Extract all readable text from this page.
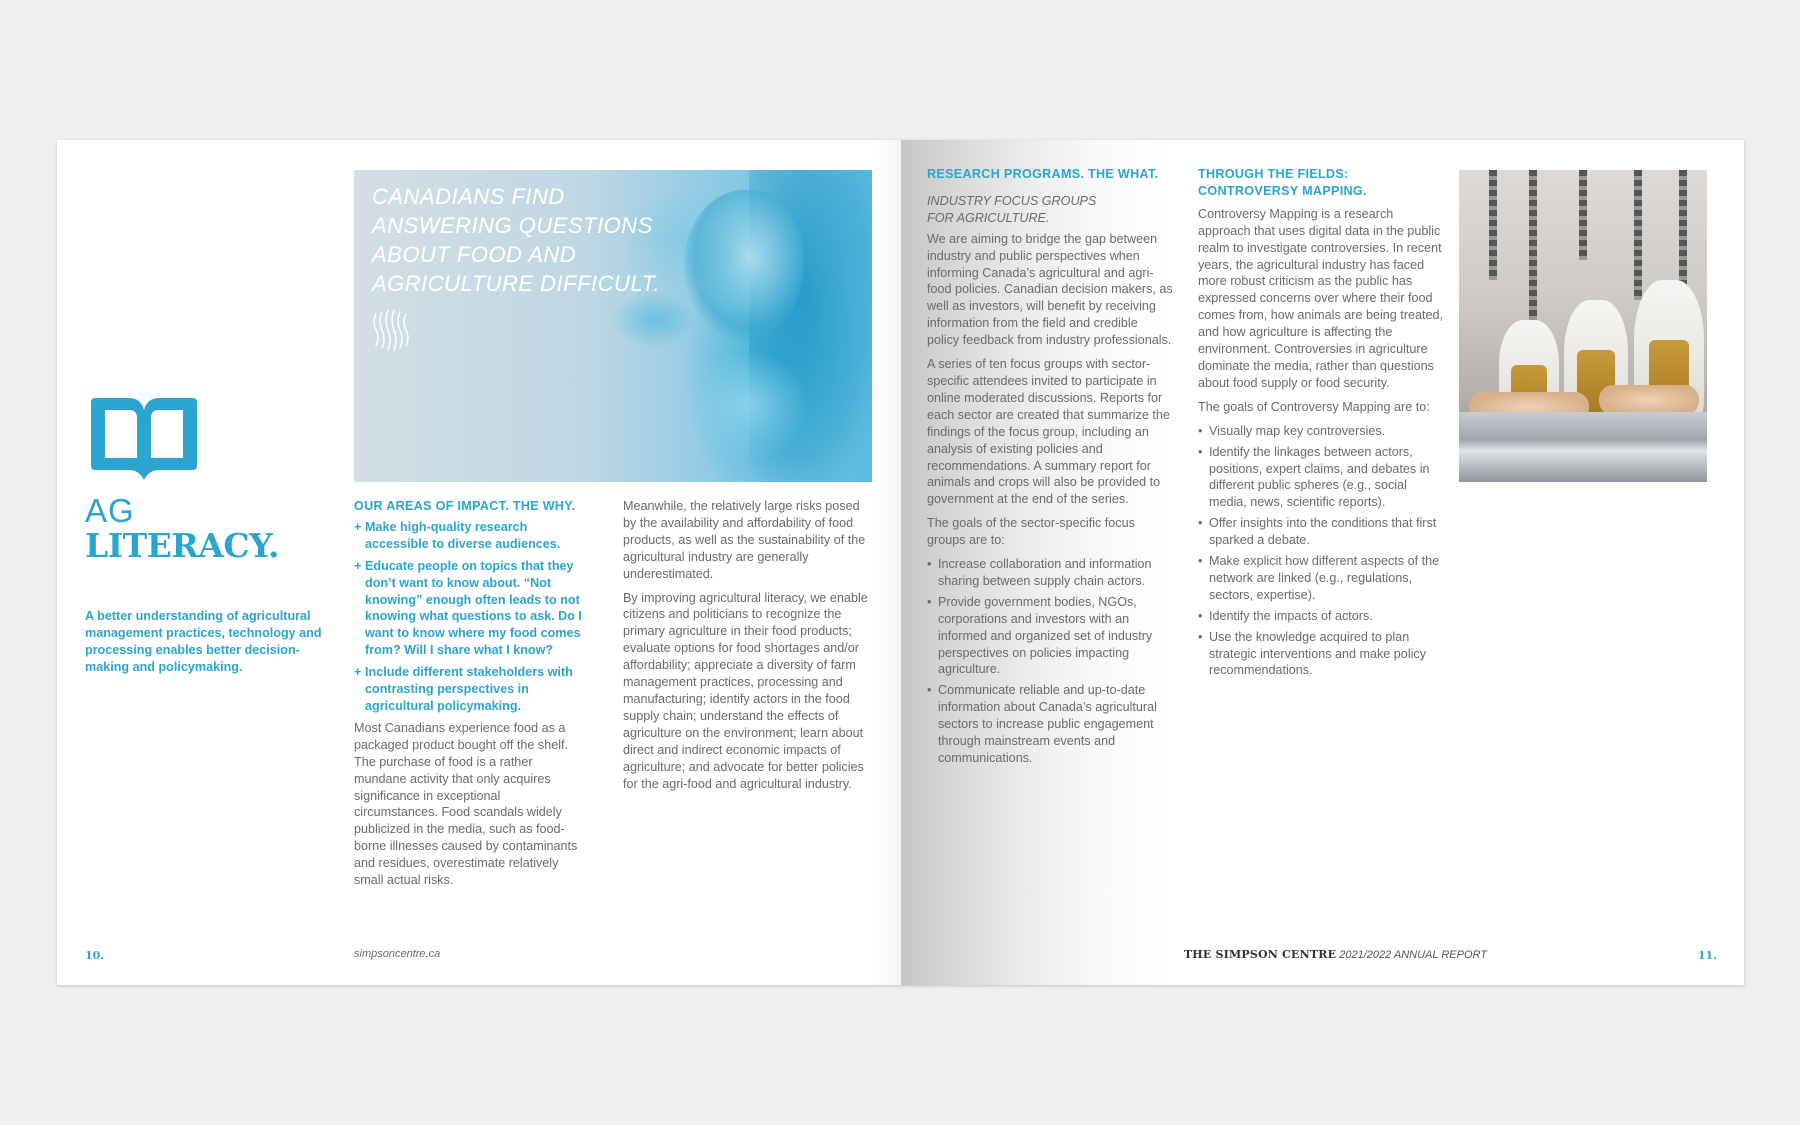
AG
LITERACY.
A better understanding of agricultural management practices, technology and processing enables better decision-making and policymaking.
CANADIANS FIND ANSWERING QUESTIONS ABOUT FOOD AND AGRICULTURE DIFFICULT.
OUR AREAS OF IMPACT. THE WHY.
+ Make high-quality research accessible to diverse audiences.
+ Educate people on topics that they don’t want to know about. “Not knowing” enough often leads to not knowing what questions to ask. Do I want to know where my food comes from? Will I share what I know?
+ Include different stakeholders with contrasting perspectives in agricultural policymaking.

Most Canadians experience food as a packaged product bought off the shelf. The purchase of food is a rather mundane activity that only acquires significance in exceptional circumstances. Food scandals widely publicized in the media, such as food-borne illnesses caused by contaminants and residues, overestimate relatively small actual risks.

Meanwhile, the relatively large risks posed by the availability and affordability of food products, as well as the sustainability of the agricultural industry are generally underestimated.

By improving agricultural literacy, we enable citizens and politicians to recognize the primary agriculture in their food products; evaluate options for food shortages and/or affordability; appreciate a diversity of farm management practices, processing and manufacturing; identify actors in the food supply chain; understand the effects of agriculture on the environment; learn about direct and indirect economic impacts of agriculture; and advocate for better policies for the agri-food and agricultural industry.

10.	simpsoncentre.ca
RESEARCH PROGRAMS. THE WHAT.
INDUSTRY FOCUS GROUPS FOR AGRICULTURE.

We are aiming to bridge the gap between industry and public perspectives when informing Canada’s agricultural and agri-food policies. Canadian decision makers, as well as investors, will benefit by receiving information from the field and credible policy feedback from industry professionals.

A series of ten focus groups with sector-specific attendees invited to participate in online moderated discussions. Reports for each sector are created that summarize the findings of the focus group, including an analysis of existing policies and recommendations. A summary report for animals and crops will also be provided to government at the end of the series.

The goals of the sector-specific focus groups are to:

• Increase collaboration and information sharing between supply chain actors.
• Provide government bodies, NGOs, corporations and investors with an informed and organized set of industry perspectives on policies impacting agriculture.
• Communicate reliable and up-to-date information about Canada’s agricultural sectors to increase public engagement through mainstream events and communications.
THROUGH THE FIELDS:
CONTROVERSY MAPPING.

Controversy Mapping is a research approach that uses digital data in the public realm to investigate controversies. In recent years, the agricultural industry has faced more robust criticism as the public has expressed concerns over where their food comes from, how animals are being treated, and how agriculture is affecting the environment. Controversies in agriculture dominate the media, rather than questions about food supply or food security.

The goals of Controversy Mapping are to:

• Visually map key controversies.
• Identify the linkages between actors, positions, expert claims, and debates in different public spheres (e.g., social media, news, scientific reports).
• Offer insights into the conditions that first sparked a debate.
• Make explicit how different aspects of the network are linked (e.g., regulations, sectors, expertise).
• Identify the impacts of actors.
• Use the knowledge acquired to plan strategic interventions and make policy recommendations.
THE SIMPSON CENTRE 2021/2022 ANNUAL REPORT	11.
